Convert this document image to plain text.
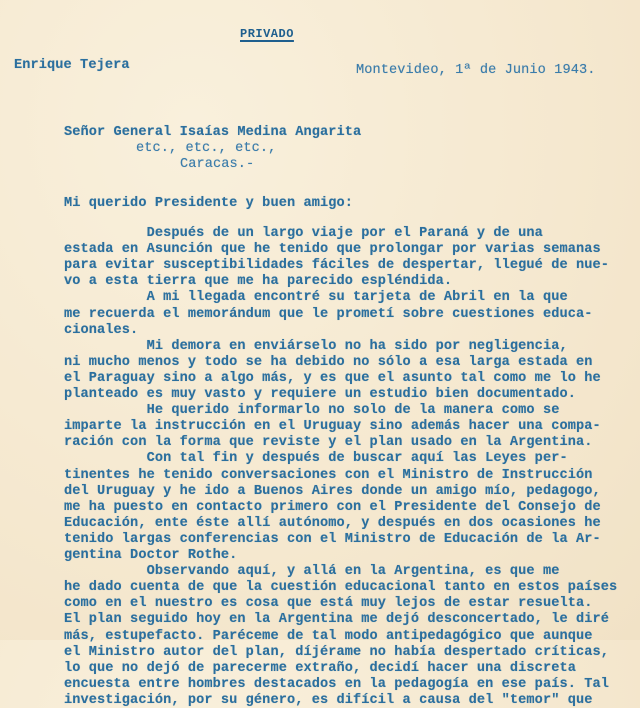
PRIVADO
Enrique Tejera	Montevideo, 1ª de Junio 1943.
Señor General Isaías Medina Angarita
etc., etc., etc.,
Caracas.-
Mi querido Presidente y buen amigo:
Después de un largo viaje por el Paraná y de una
estada en Asunción que he tenido que prolongar por varias semanas
para evitar susceptibilidades fáciles de despertar, llegué de nue-
vo a esta tierra que me ha parecido espléndida.
A mi llegada encontré su tarjeta de Abril en la que
me recuerda el memorándum que le prometí sobre cuestiones educa-
cionales.
Mi demora en enviárselo no ha sido por negligencia,
ni mucho menos y todo se ha debido no sólo a esa larga estada en
el Paraguay sino a algo más, y es que el asunto tal como me lo he
planteado es muy vasto y requiere un estudio bien documentado.
He querido informarlo no solo de la manera como se
imparte la instrucción en el Uruguay sino además hacer una compa-
ración con la forma que reviste y el plan usado en la Argentina.
Con tal fin y después de buscar aquí las Leyes per-
tinentes he tenido conversaciones con el Ministro de Instrucción
del Uruguay y he ido a Buenos Aires donde un amigo mío, pedagogo,
me ha puesto en contacto primero con el Presidente del Consejo de
Educación, ente éste allí autónomo, y después en dos ocasiones he
tenido largas conferencias con el Ministro de Educación de la Ar-
gentina Doctor Rothe.
Observando aquí, y allá en la Argentina, es que me
he dado cuenta de que la cuestión educacional tanto en estos países
como en el nuestro es cosa que está muy lejos de estar resuelta.
El plan seguido hoy en la Argentina me dejó desconcertado, le diré
más, estupefacto. Paréceme de tal modo antipedagógico que aunque
el Ministro autor del plan, díjérame no había despertado críticas,
lo que no dejó de parecerme extraño, decidí hacer una discreta
encuesta entre hombres destacados en la pedagogía en ese país. Tal
investigación, por su género, es difícil a causa del "temor" que
